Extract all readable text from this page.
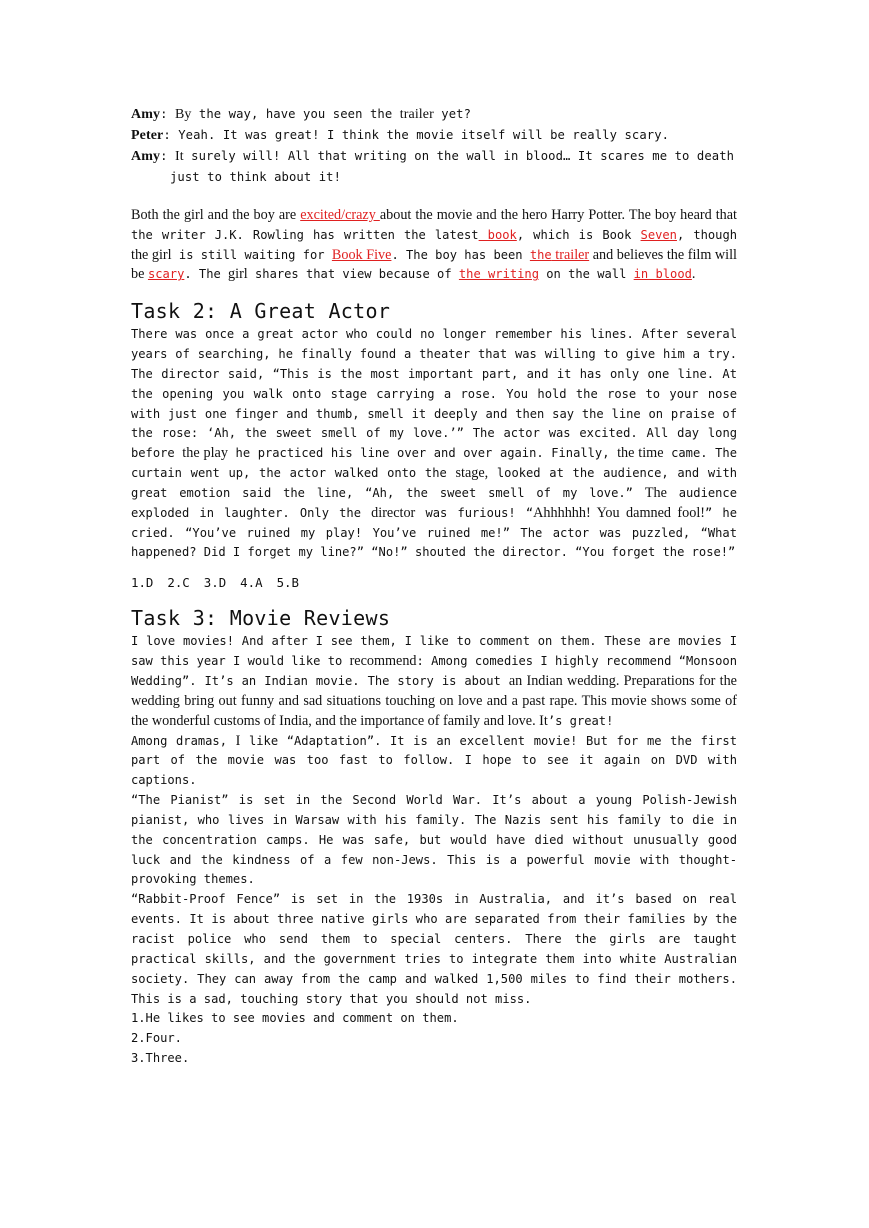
Amy: By the way, have you seen the trailer yet?

Peter: Yeah. It was great! I think the movie itself will be really scary.

Amy: It surely will! All that writing on the wall in blood… It scares me to death

just to think about it!

Both the girl and the boy are excited/crazy about the movie and the hero Harry Potter. The boy heard that the writer J.K. Rowling has written the latest book, which is Book Seven, though the girl is still waiting for Book Five. The boy has been the trailer and believes the film will be scary. The girl shares that view because of the writing on the wall in blood.

Task 2: A Great Actor

There was once a great actor who could no longer remember his lines. After several years of searching, he finally found a theater that was willing to give him a try. The director said, “This is the most important part, and it has only one line. At the opening you walk onto stage carrying a rose. You hold the rose to your nose with just one finger and thumb, smell it deeply and then say the line on praise of the rose: ‘Ah, the sweet smell of my love.’” The actor was excited. All day long before the play he practiced his line over and over again. Finally, the time came. The curtain went up, the actor walked onto the stage, looked at the audience, and with great emotion said the line, “Ah, the sweet smell of my love.” The audience exploded in laughter. Only the director was furious! “Ahhhhhh! You damned fool!” he cried. “You’ve ruined my play! You’ve ruined me!” The actor was puzzled, “What happened? Did I forget my line?” “No!” shouted the director. “You forget the rose!”

1.D 2.C 3.D 4.A 5.B

Task 3: Movie Reviews

I love movies! And after I see them, I like to comment on them. These are movies I saw this year I would like to recommend: Among comedies I highly recommend “Monsoon Wedding”. It’s an Indian movie. The story is about an Indian wedding. Preparations for the wedding bring out funny and sad situations touching on love and a past rape. This movie shows some of the wonderful customs of India, and the importance of family and love. It’s great!

Among dramas, I like “Adaptation”. It is an excellent movie! But for me the first part of the movie was too fast to follow. I hope to see it again on DVD with captions.

“The Pianist” is set in the Second World War. It’s about a young Polish-Jewish pianist, who lives in Warsaw with his family. The Nazis sent his family to die in the concentration camps. He was safe, but would have died without unusually good luck and the kindness of a few non-Jews. This is a powerful movie with thought-provoking themes.

“Rabbit-Proof Fence” is set in the 1930s in Australia, and it’s based on real events. It is about three native girls who are separated from their families by the racist police who send them to special centers. There the girls are taught practical skills, and the government tries to integrate them into white Australian society. They can away from the camp and walked 1,500 miles to find their mothers. This is a sad, touching story that you should not miss.

1.He likes to see movies and comment on them.

2.Four.

3.Three.
